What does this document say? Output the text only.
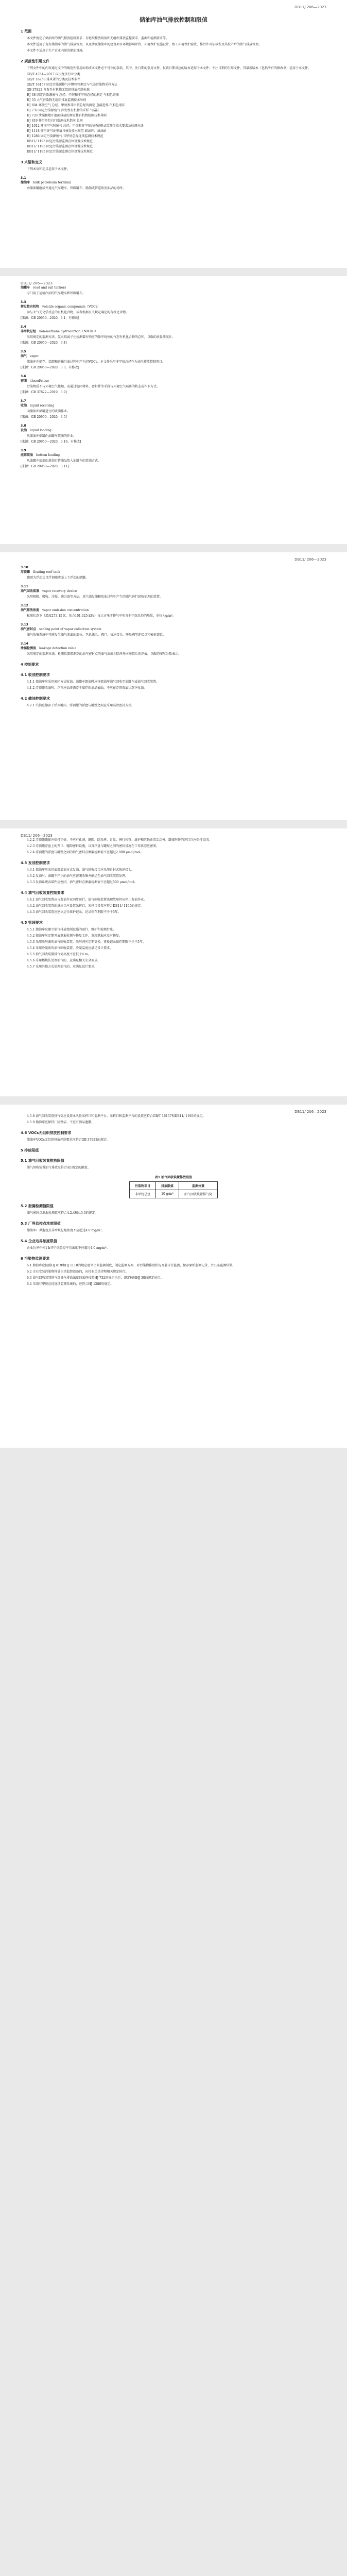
DB11/ 206—2023
储油库油气排放控制和限值
1 范围

本文件规定了储油库的油气排放控制要求、有组织排放限值和无组织排放监控要求、监测和检测要求等。

本文件适用于现有储油库的油气排放管理，以及涉及储油库的建设项目环境影响评价、环境保护设施设计、竣工环境保护验收、排污许可证核发及其投产后的油气排放管理。

本文件不适用于生产企业内部的储油设施。

2 规范性引用文件

下列文件中的内容通过文中的规范性引用而构成本文件必不可少的条款。其中，注日期的引用文件，仅该日期对应的版本适用于本文件；不注日期的引用文件，其最新版本（包括所有的修改单）适用于本文件。

GB/T 4754—2017 国民经济行业分类

GB/T 16758 排风罩的分类及技术条件

GB/T 16157 固定污染源排气中颗粒物测定与气态污染物采样方法

GB 37822 挥发性有机物无组织排放控制标准

HJ 38 固定污染源废气 总烃、甲烷和非甲烷总烃的测定 气相色谱法

HJ 55 大气污染物无组织排放监测技术导则

HJ 604 环境空气 总烃、甲烷和非甲烷总烃的测定 直接进样-气相色谱法

HJ 732 固定污染源废气 挥发性有机物的采样 气袋法

HJ 733 泄漏和敞开液面排放的挥发性有机物检测技术导则

HJ 819 排污单位自行监测技术指南 总则

HJ 1012 环境空气和废气 总烃、甲烷和非甲烷总烃便携式监测仪技术要求及检测方法

HJ 1118 排污许可证申请与核发技术规范 储油库、加油站

HJ 1286 固定污染源废气 非甲烷总烃连续监测技术规范

DB11/ 1195 固定污染源监测点位设置技术规范

DB11/ 1195 固定污染源监测点位设置技术规范

DB11/ 1195 固定污染源监测点位设置技术规范

3 术语和定义

下列术语和定义适用于本文件。

3.1
储油库 bulk petroleum terminal

由储油罐组成并通过汽车罐车、铁路罐车、船舶或管道收发油品的场所。

DB11/ 206—2023
油罐车 road and rail tankers

专门用于运输汽油的汽车罐车和铁路罐车。

3.3
挥发性有机物 volatile organic compounds（VOCs）

参与大气光化学反应的有机化合物，或者根据有关规定确定的有机化合物。

[来源：GB 20950—2020，3.1，有修改]

3.4
非甲烷总烃 non-methane hydrocarbon（NMHC）

采用规定的监测方法，氢火焰离子化检测器有响应的除甲烷外的气态有机化合物的总和，以碳的质量浓度计。

[来源：GB 20950—2020，3.4]

3.5
油气 vapor

储油库在储存、装卸和运输汽油过程中产生的VOCs。本文件采用非甲烷总烃作为油气排放控制项目。

[来源：GB 20950—2020，3.3，有修改]

3.6
密闭 closed/close

污染物质不与环境空气接触，或通过密闭材料、密封件等手段与环境空气隔离的状态或作业方式。

[来源：GB 37822—2019，3.9]

3.7
收油 liquid receiving

向储油库储罐进行的收油作业。

[来源：GB 20950—2020，3.5]

3.8
发油 liquid loading

从储油库储罐向油罐车装油的作业。

[来源：GB 20950—2020，3.16，有修改]

3.9
底部装油 bottom loading

从油罐车底部的进油口将油品装入油罐车的装油方式。

[来源：GB 20950—2020，3.11]

DB11/ 206—2023
3.10
浮顶罐 floating roof tank

罐顶为浮动式且浮顶随液面上下浮动的储罐。

3.11
油气回收装置 vapor recovery device

采用吸附、吸收、冷凝、膜分离等方法，对汽油发油和收油过程中产生的油气进行回收处理的装置。

3.12
油气排放浓度 vapor emission concentration

标准状态下（温度273.15 K，压力101.325 kPa）每立方米干排气中所含非甲烷总烃的质量，单位为g/m³。

3.13
油气密封点 sealing point of vapor collection system

油气收集系统中可能发生油气泄漏的部位，包括法兰、阀门、快速接头、呼吸阀等连接点和密封部位。

3.14
泄漏检测值 leakage detection value

采用规定的监测方法，检测仪器探测到的油气密封点的油气浓度扣除环境本底值后的净值，以碳的摩尔分数表示。

4 控制要求
4.1 收油控制要求

4.1.1 储油库应采用密闭方式收油，油罐车卸油时应将储油库油气回收至油罐车或油气回收装置。

4.1.2 浮顶罐收油时，浮顶应始终漂浮于储存的油品表面，不应在浮顶落底状态下收油。

4.2 储油控制要求

4.2.1 汽油应储存于浮顶罐内，浮顶罐的浮盘与罐壁之间应采用高效密封方式。

DB11/ 206—2023

4.2.2 浮顶罐罐体应保持完好，不应有孔洞、缝隙，除采样、计量、例行检查、维护和其他正常活动外，罐体附件的开口均应保持关闭。

4.2.3 浮顶罐浮盘上的开口、缝隙密封设施，以及浮盘与罐壁之间的密封设施在工作状态应密闭。

4.2.4 浮顶罐的浮盘与罐壁之间的油气密封点泄漏检测值不应超过2 000 μmol/mol。

4.3 发油控制要求

4.3.1 储油库应采用底部装油方式发油，油气回收接口应采用自封式快速接头。

4.3.2 发油时，油罐车产生的油气应密闭收集并输送至油气回收装置处理。

4.3.3 发油系统各部件应密闭，油气密封点泄漏检测值不应超过500 μmol/mol。

4.4 油气回收装置控制要求

4.4.1 油气回收装置应与发油作业同步运行，油气回收装置出现故障时应停止发油作业。

4.4.2 油气回收装置的进出口应设置采样口，采样口设置应符合DB11/ 1195的规定。

4.4.3 油气回收装置应建立运行维护记录，记录保存期限不少于5年。

4.5 管理要求

4.5.1 储油库应建立油气排放控制设施的运行、维护和检测台账。

4.5.2 储油库应定期开展泄漏检测与修复工作，发现泄漏应及时修复。

4.5.3 采用吸附法的油气回收装置，吸附剂应定期更换，更换记录保存期限不少于5年。

4.5.4 采用冷凝法的油气回收装置，冷凝温度应满足设计要求。

4.5.5 油气回收装置排气筒高度不应低于4 m。

4.5.6 采用燃烧法处理油气的，应满足相关安全要求。

4.5.7 采用其他方式处理油气的，应满足设计要求。

DB11/ 206—2023

4.5.8 油气回收装置排气筒应设置永久性采样口和监测平台，采样口和监测平台的设置应符合GB/T 16157和DB11/ 1195的规定。

4.5.9 储油库应保持厂区整洁，不应有油品遗撒。

4.6 VOCs无组织排放控制要求

储油库VOCs无组织排放控制要求应符合GB 37822的规定。

5 排放限值
5.1 油气回收装置排放限值

油气回收装置油气排放应符合表1规定的限值。

表1 油气回收装置排放限值
污染物项目	排放限值	监测位置
非甲烷总烃	10 g/m³	油气回收装置排气筒
5.2 泄漏检测值限值

油气密封点泄漏检测值应符合4.2.4和4.3.3的规定。

5.3 厂界监控点浓度限值

储油库厂界监控点非甲烷总烃浓度不应超过4.0 mg/m³。

5.4 企业边界浓度限值

企业边界任何1 h非甲烷总烃平均浓度不应超过4.0 mg/m³。

6 污染物监测要求

6.1 储油库应按照HJ 819和HJ 1118的规定建立企业监测制度，制定监测方案，对污染物排放状况开展自行监测，保存原始监测记录，并公布监测结果。

6.2 企业安装污染物排放自动监控设备的，应按有关法律和相关规定执行。

6.3 油气回收装置排气筒油气排放浓度的采样按照HJ 732的规定执行，测定按照HJ 38的规定执行。

6.4 采用非甲烷总烃连续监测系统的，应符合HJ 1286的规定。
